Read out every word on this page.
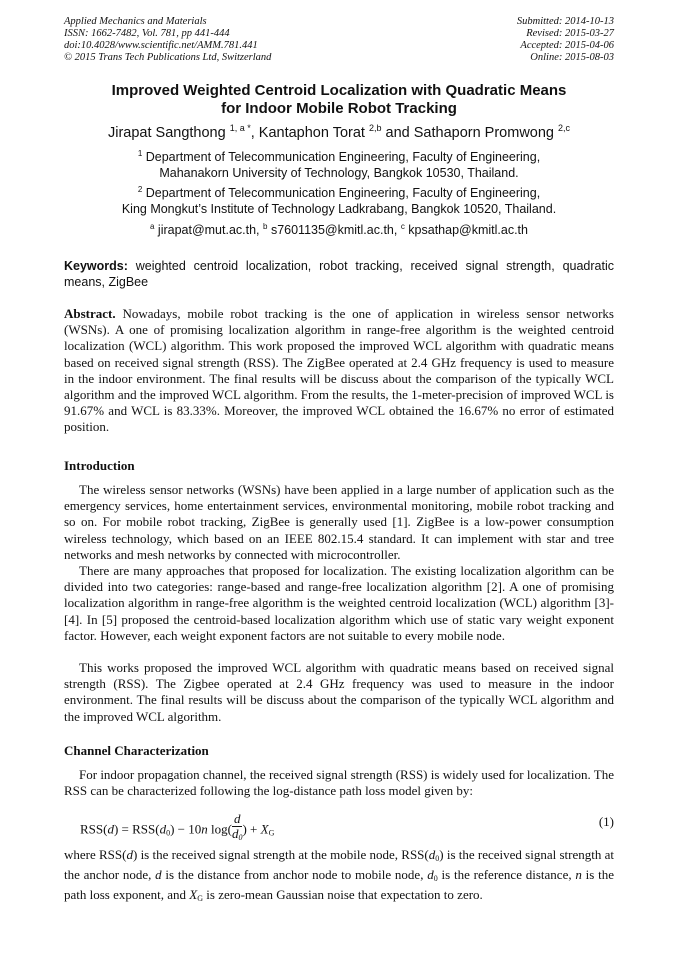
Applied Mechanics and Materials
ISSN: 1662-7482, Vol. 781, pp 441-444
doi:10.4028/www.scientific.net/AMM.781.441
© 2015 Trans Tech Publications Ltd, Switzerland
Submitted: 2014-10-13
Revised: 2015-03-27
Accepted: 2015-04-06
Online: 2015-08-03
Improved Weighted Centroid Localization with Quadratic Means
for Indoor Mobile Robot Tracking
Jirapat Sangthong $^{1, a *}$, Kantaphon Torat $^{2,b}$ and Sathaporn Promwong $^{2,c}$
$^1$ Department of Telecommunication Engineering, Faculty of Engineering,
Mahanakorn University of Technology, Bangkok 10530, Thailand.
$^2$ Department of Telecommunication Engineering, Faculty of Engineering,
King Mongkut’s Institute of Technology Ladkrabang, Bangkok 10520, Thailand.
$^a$ jirapat@mut.ac.th, $^b$ s7601135@kmitl.ac.th, $^c$ kpsathap@kmitl.ac.th
Keywords: weighted centroid localization, robot tracking, received signal strength, quadratic means, ZigBee
Abstract. Nowadays, mobile robot tracking is the one of application in wireless sensor networks (WSNs). A one of promising localization algorithm in range-free algorithm is the weighted centroid localization (WCL) algorithm. This work proposed the improved WCL algorithm with quadratic means based on received signal strength (RSS). The ZigBee operated at 2.4 GHz frequency is used to measure in the indoor environment. The final results will be discuss about the comparison of the typically WCL algorithm and the improved WCL algorithm. From the results, the 1-meter-precision of improved WCL is 91.67% and WCL is 83.33%. Moreover, the improved WCL obtained the 16.67% no error of estimated position.
Introduction
The wireless sensor networks (WSNs) have been applied in a large number of application such as the emergency services, home entertainment services, environmental monitoring, mobile robot tracking and so on. For mobile robot tracking, ZigBee is generally used [1]. ZigBee is a low-power consumption wireless technology, which based on an IEEE 802.15.4 standard. It can implement with star and tree networks and mesh networks by connected with microcontroller.
There are many approaches that proposed for localization. The existing localization algorithm can be divided into two categories: range-based and range-free localization algorithm [2]. A one of promising localization algorithm in range-free algorithm is the weighted centroid localization (WCL) algorithm [3]-[4]. In [5] proposed the centroid-based localization algorithm which use of static vary weight exponent factor. However, each weight exponent factors are not suitable to every mobile node.
This works proposed the improved WCL algorithm with quadratic means based on received signal strength (RSS). The Zigbee operated at 2.4 GHz frequency was used to measure in the indoor environment. The final results will be discuss about the comparison of the typically WCL algorithm and the improved WCL algorithm.
Channel Characterization
For indoor propagation channel, the received signal strength (RSS) is widely used for localization. The RSS can be characterized following the log-distance path loss model given by:
RSS(d) = RSS(d0) − 10n $\log( \frac{d}{d0}$ ) + XG
(1)
where RSS(d) is the received signal strength at the mobile node, RSS(d0) is the received signal strength at the anchor node, d is the distance from anchor node to mobile node, d0 is the reference distance, n is the path loss exponent, and XG is zero-mean Gaussian noise that expectation to zero.
